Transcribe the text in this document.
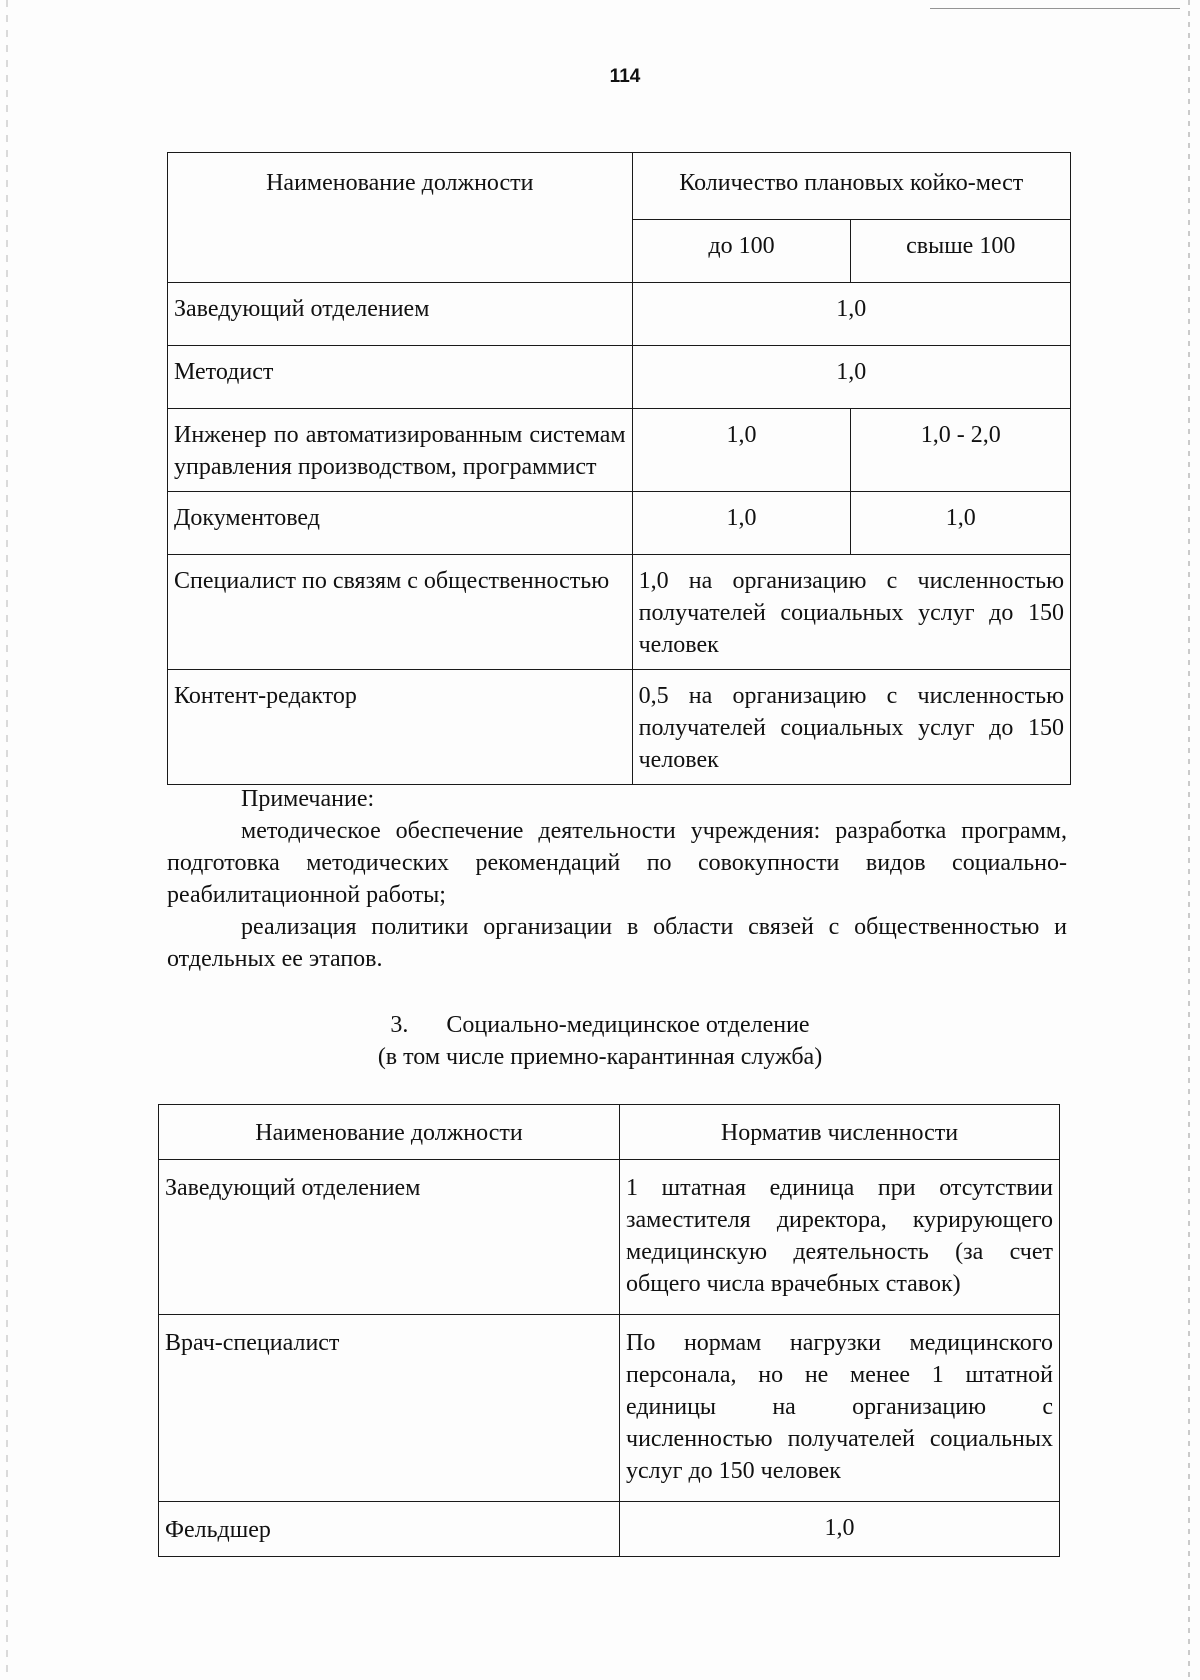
114
Наименование должности	Количество плановых койко-мест	
	до 100	свыше 100
Заведующий отделением	1,0	
Методист	1,0	
Инженер по автоматизированным системам управления производством, программист	1,0	1,0 - 2,0
Документовед	1,0	1,0
Специалист по связям с общественностью	1,0 на организацию с численностью получателей социальных услуг до 150 человек	
Контент-редактор	0,5 на организацию с численностью получателей социальных услуг до 150 человек	
Примечание:
методическое обеспечение деятельности учреждения: разработка программ, подготовка методических рекомендаций по совокупности видов социально-реабилитационной работы;
реализация политики организации в области связей с общественностью и отдельных ее этапов.
3. Социально-медицинское отделение
(в том числе приемно-карантинная служба)
Наименование должности	Норматив численности
Заведующий отделением	1 штатная единица при отсутствии заместителя директора, курирующего медицинскую деятельность (за счет общего числа врачебных ставок)
Врач-специалист	По нормам нагрузки медицинского персонала, но не менее 1 штатной единицы на организацию с численностью получателей социальных услуг до 150 человек
Фельдшер	1,0
